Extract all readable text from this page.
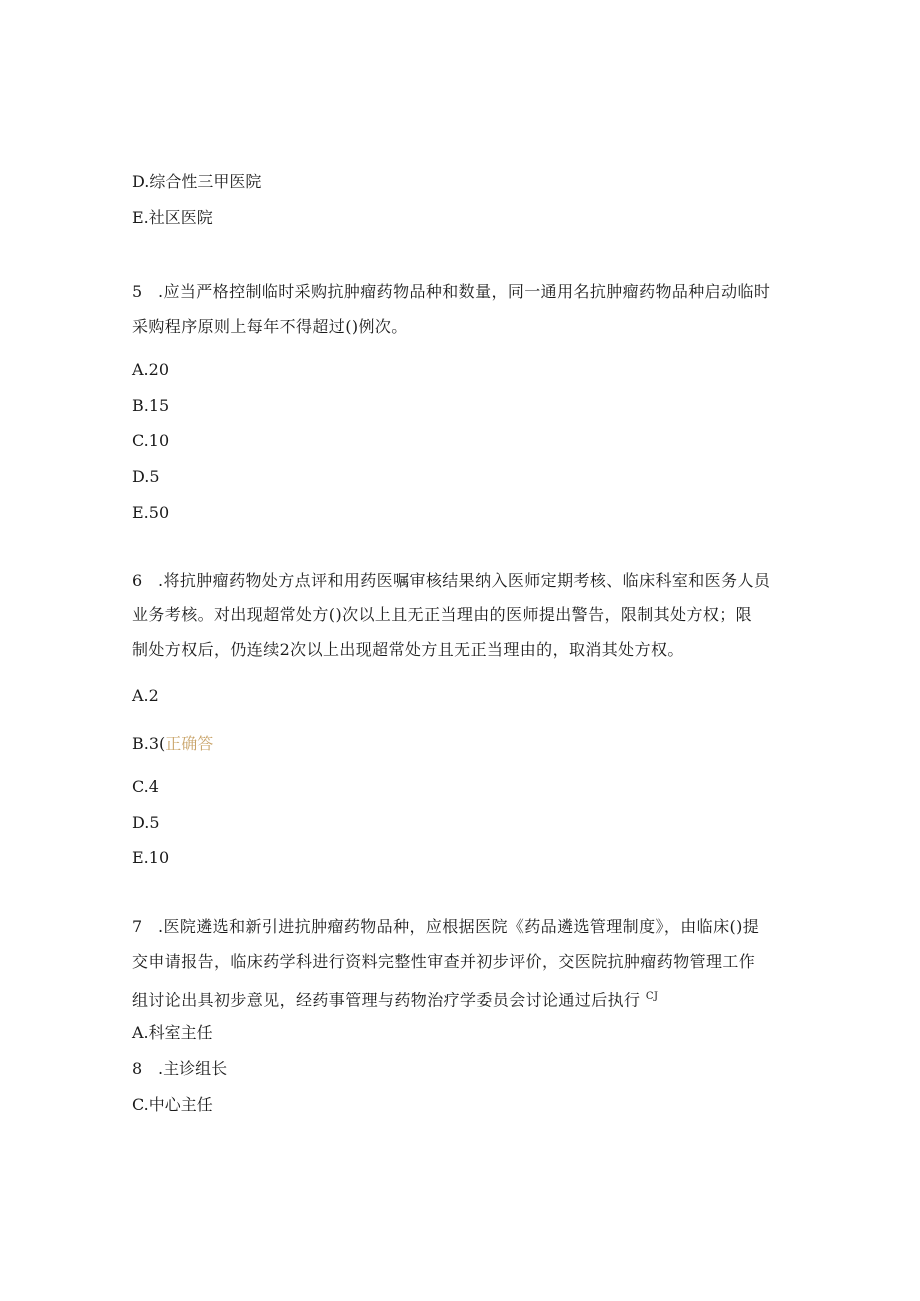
D.综合性三甲医院
E.社区医院
5 .应当严格控制临时采购抗肿瘤药物品种和数量，同一通用名抗肿瘤药物品种启动临时
采购程序原则上每年不得超过()例次。
A.20
B.15
C.10
D.5
E.50
6 .将抗肿瘤药物处方点评和用药医嘱审核结果纳入医师定期考核、临床科室和医务人员
业务考核。对出现超常处方()次以上且无正当理由的医师提出警告，限制其处方权；限
制处方权后，仍连续2次以上出现超常处方且无正当理由的，取消其处方权。
A.2
B.3(正确答
C.4
D.5
E.10
7 .医院遴选和新引进抗肿瘤药物品种，应根据医院《药品遴选管理制度》，由临床()提
交申请报告，临床药学科进行资料完整性审查并初步评价，交医院抗肿瘤药物管理工作
组讨论出具初步意见，经药事管理与药物治疗学委员会讨论通过后执行 $^{CJ}$
A.科室主任
8 .主诊组长
C.中心主任
